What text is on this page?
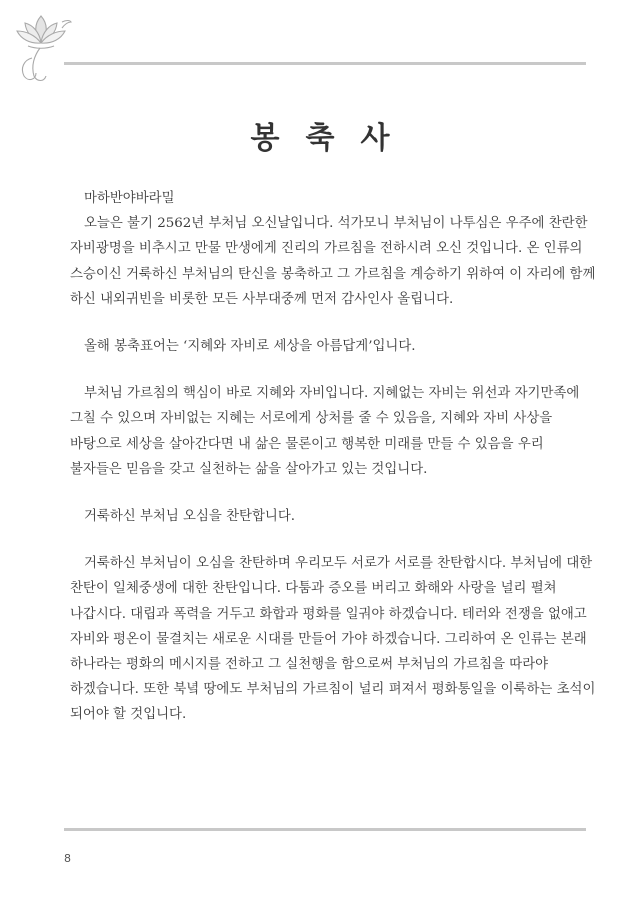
봉축사

마하반야바라밀

오늘은 불기 2562년 부처님 오신날입니다. 석가모니 부처님이 나투심은 우주에 찬란한 자비광명을 비추시고 만물 만생에게 진리의 가르침을 전하시려 오신 것입니다. 온 인류의 스승이신 거룩하신 부처님의 탄신을 봉축하고 그 가르침을 계승하기 위하여 이 자리에 함께 하신 내외귀빈을 비롯한 모든 사부대중께 먼저 감사인사 올립니다.

올해 봉축표어는 ‘지혜와 자비로 세상을 아름답게’입니다.

부처님 가르침의 핵심이 바로 지혜와 자비입니다. 지혜없는 자비는 위선과 자기만족에 그칠 수 있으며 자비없는 지혜는 서로에게 상처를 줄 수 있음을, 지혜와 자비 사상을 바탕으로 세상을 살아간다면 내 삶은 물론이고 행복한 미래를 만들 수 있음을 우리 불자들은 믿음을 갖고 실천하는 삶을 살아가고 있는 것입니다.

거룩하신 부처님 오심을 찬탄합니다.

거룩하신 부처님이 오심을 찬탄하며 우리모두 서로가 서로를 찬탄합시다. 부처님에 대한 찬탄이 일체중생에 대한 찬탄입니다. 다툼과 증오를 버리고 화해와 사랑을 널리 펼쳐 나갑시다. 대립과 폭력을 거두고 화합과 평화를 일궈야 하겠습니다. 테러와 전쟁을 없애고 자비와 평온이 물결치는 새로운 시대를 만들어 가야 하겠습니다. 그리하여 온 인류는 본래 하나라는 평화의 메시지를 전하고 그 실천행을 함으로써 부처님의 가르침을 따라야 하겠습니다. 또한 북녘 땅에도 부처님의 가르침이 널리 펴져서 평화통일을 이룩하는 초석이 되어야 할 것입니다.

8
